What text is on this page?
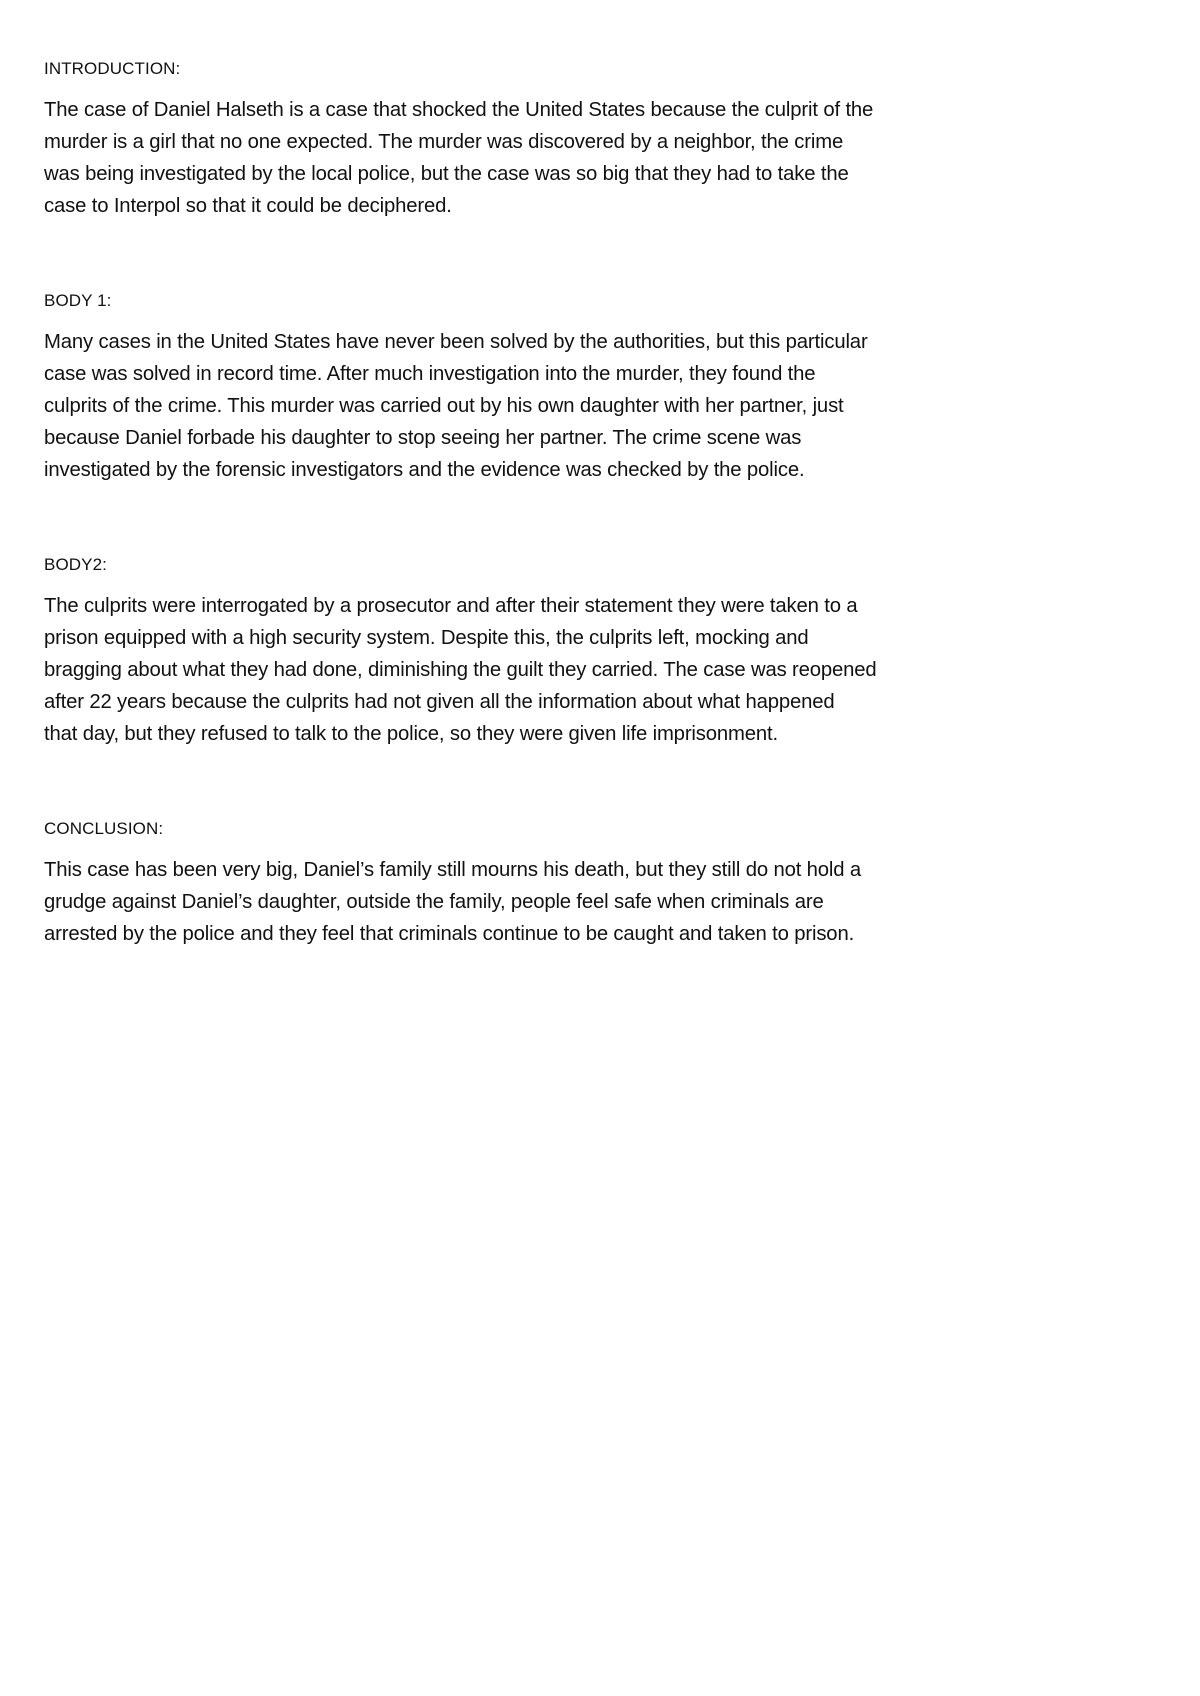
INTRODUCTION:
The case of Daniel Halseth is a case that shocked the United States because the culprit of the
murder is a girl that no one expected. The murder was discovered by a neighbor, the crime
was being investigated by the local police, but the case was so big that they had to take the
case to Interpol so that it could be deciphered.
BODY 1:
Many cases in the United States have never been solved by the authorities, but this particular
case was solved in record time. After much investigation into the murder, they found the
culprits of the crime. This murder was carried out by his own daughter with her partner, just
because Daniel forbade his daughter to stop seeing her partner. The crime scene was
investigated by the forensic investigators and the evidence was checked by the police.
BODY2:
The culprits were interrogated by a prosecutor and after their statement they were taken to a
prison equipped with a high security system. Despite this, the culprits left, mocking and
bragging about what they had done, diminishing the guilt they carried. The case was reopened
after 22 years because the culprits had not given all the information about what happened
that day, but they refused to talk to the police, so they were given life imprisonment.
CONCLUSION:
This case has been very big, Daniel’s family still mourns his death, but they still do not hold a
grudge against Daniel’s daughter, outside the family, people feel safe when criminals are
arrested by the police and they feel that criminals continue to be caught and taken to prison.
